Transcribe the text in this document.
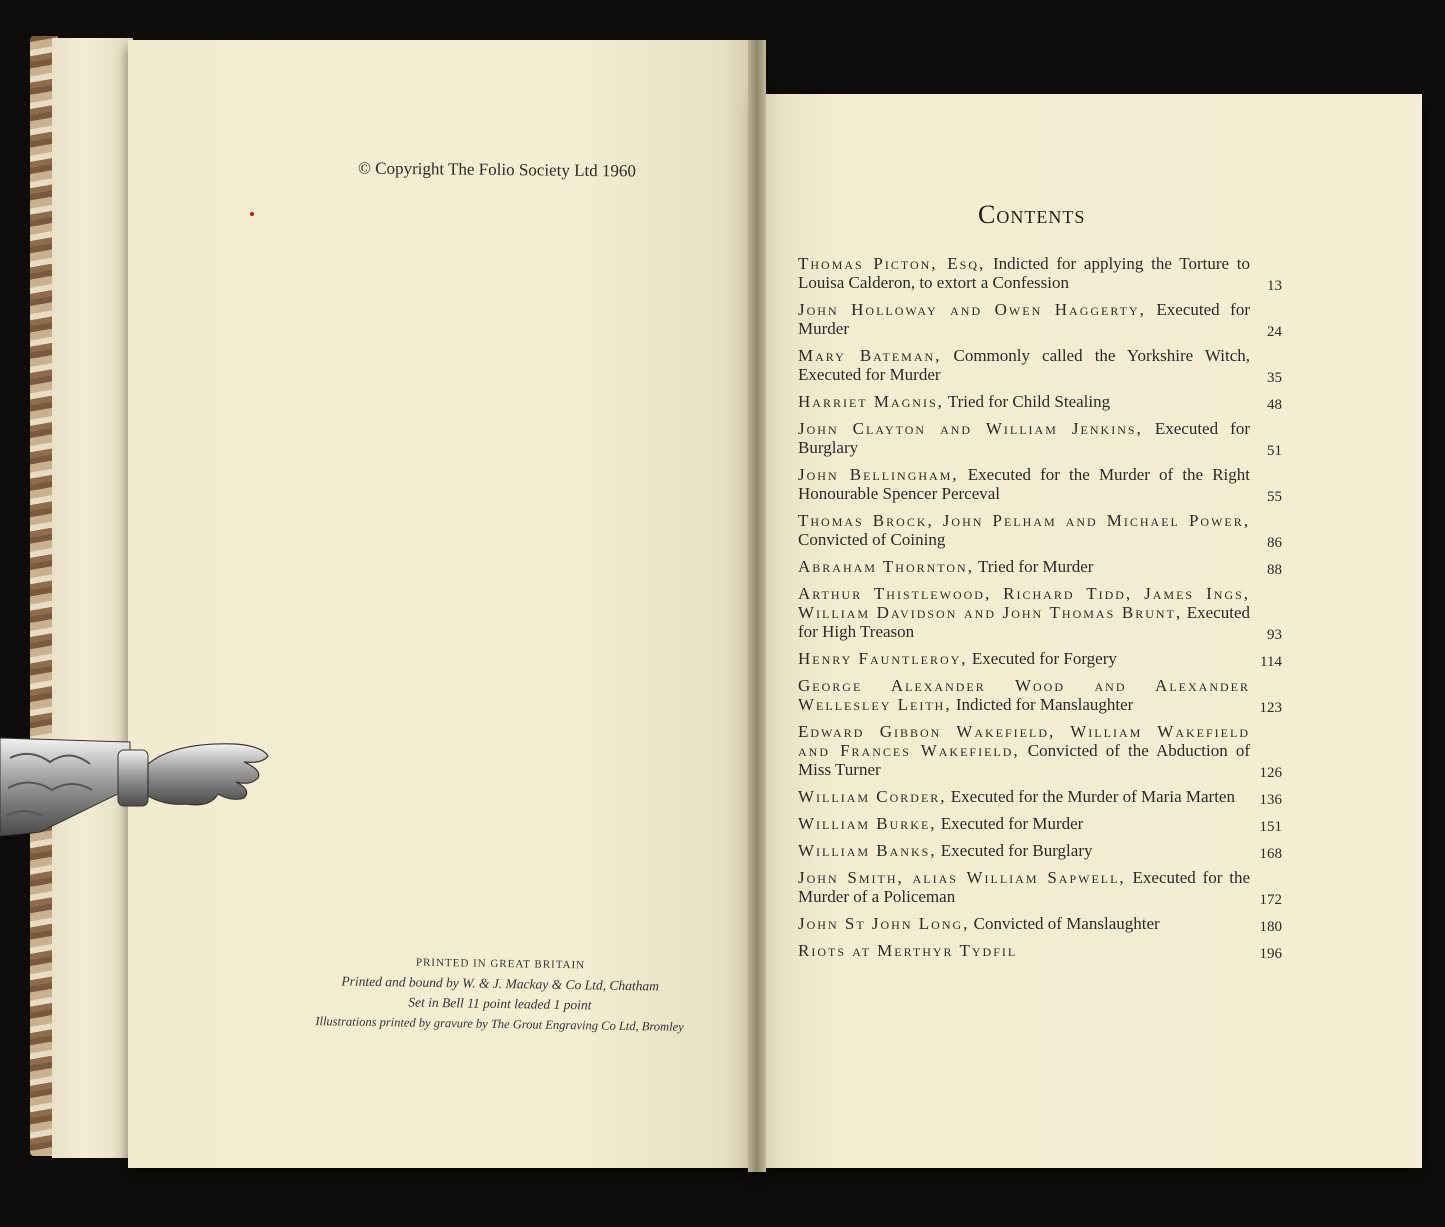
© Copyright The Folio Society Ltd 1960
PRINTED IN GREAT BRITAIN
Printed and bound by W. & J. Mackay & Co Ltd, Chatham
Set in Bell 11 point leaded 1 point
Illustrations printed by gravure by The Grout Engraving Co Ltd, Bromley
Contents
Thomas Picton, Esq, Indicted for applying the Torture to Louisa Calderon, to extort a Confession	13
John Holloway and Owen Haggerty, Executed for Murder	24
Mary Bateman, Commonly called the Yorkshire Witch, Executed for Murder	35
Harriet Magnis, Tried for Child Stealing	48
John Clayton and William Jenkins, Executed for Burglary	51
John Bellingham, Executed for the Murder of the Right Honourable Spencer Perceval	55
Thomas Brock, John Pelham and Michael Power, Convicted of Coining	86
Abraham Thornton, Tried for Murder	88
Arthur Thistlewood, Richard Tidd, James Ings, William Davidson and John Thomas Brunt, Executed for High Treason	93
Henry Fauntleroy, Executed for Forgery	114
George Alexander Wood and Alexander Wellesley Leith, Indicted for Manslaughter	123
Edward Gibbon Wakefield, William Wakefield and Frances Wakefield, Convicted of the Abduction of Miss Turner	126
William Corder, Executed for the Murder of Maria Marten	136
William Burke, Executed for Murder	151
William Banks, Executed for Burglary	168
John Smith, alias William Sapwell, Executed for the Murder of a Policeman	172
John St John Long, Convicted of Manslaughter	180
Riots at Merthyr Tydfil	196
